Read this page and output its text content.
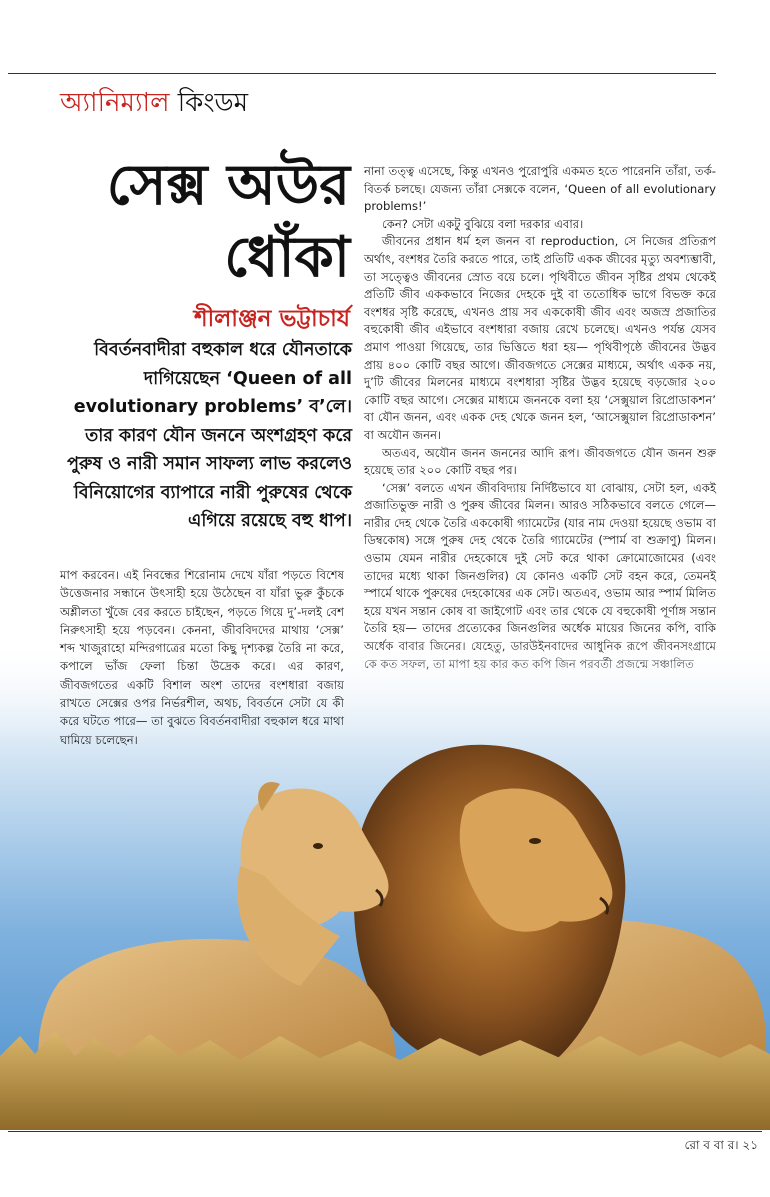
অ্যানিম্যাল কিংডম
সেক্স অউর
ধোঁকা
শীলাঞ্জন ভট্টাচার্য
বিবর্তনবাদীরা বহুকাল ধরে যৌনতাকে দাগিয়েছেন ‘Queen of all evolutionary problems’ ব’লে। তার কারণ যৌন জননে অংশগ্রহণ করে পুরুষ ও নারী সমান সাফল্য লাভ করলেও বিনিয়োগের ব্যাপারে নারী পুরুষের থেকে এগিয়ে রয়েছে বহু ধাপ।

নানা তত্ত্ব এসেছে, কিন্তু এখনও পুরোপুরি একমত হতে পারেননি তাঁরা, তর্ক-বিতর্ক চলছে। যেজন্য তাঁরা সেক্সকে বলেন, ‘Queen of all evolutionary problems!’

কেন? সেটা একটু বুঝিয়ে বলা দরকার এবার।

জীবনের প্রধান ধর্ম হল জনন বা reproduction, সে নিজের প্রতিরূপ অর্থাৎ, বংশধর তৈরি করতে পারে, তাই প্রতিটি একক জীবের মৃত্যু অবশ্যম্ভাবী, তা সত্ত্বেও জীবনের স্রোত বয়ে চলে। পৃথিবীতে জীবন সৃষ্টির প্রথম থেকেই প্রতিটি জীব এককভাবে নিজের দেহকে দুই বা ততোধিক ভাগে বিভক্ত করে বংশধর সৃষ্টি করেছে, এখনও প্রায় সব এককোষী জীব এবং অজস্র প্রজাতির বহুকোষী জীব এইভাবে বংশধারা বজায় রেখে চলেছে। এখনও পর্যন্ত যেসব প্রমাণ পাওয়া গিয়েছে, তার ভিত্তিতে ধরা হয়— পৃথিবীপৃষ্ঠে জীবনের উদ্ভব প্রায় ৪০০ কোটি বছর আগে। জীবজগতে সেক্সের মাধ্যমে, অর্থাৎ একক নয়, দু’টি জীবের মিলনের মাধ্যমে বংশধারা সৃষ্টির উদ্ভব হয়েছে বড়জোর ২০০ কোটি বছর আগে। সেক্সের মাধ্যমে জননকে বলা হয় ‘সেক্সুয়াল রিপ্রোডাকশন’ বা যৌন জনন, এবং একক দেহ থেকে জনন হল, ‘আসেক্সুয়াল রিপ্রোডাকশন’ বা অযৌন জনন।

অতএব, অযৌন জনন জননের আদি রূপ। জীবজগতে যৌন জনন শুরু হয়েছে তার ২০০ কোটি বছর পর।

‘সেক্স’ বলতে এখন জীববিদ্যায় নির্দিষ্টভাবে যা বোঝায়, সেটা হল, একই প্রজাতিভুক্ত নারী ও পুরুষ জীবের মিলন। আরও সঠিকভাবে বলতে গেলে— নারীর দেহ থেকে তৈরি এককোষী গ্যামেটের (যার নাম দেওয়া হয়েছে ওভাম বা ডিম্বকোষ) সঙ্গে পুরুষ দেহ থেকে তৈরি গ্যামেটের (স্পার্ম বা শুক্রাণু) মিলন। ওভাম যেমন নারীর দেহকোষে দুই সেট করে থাকা ক্রোমোজোমের (এবং তাদের মধ্যে থাকা জিনগুলির) যে কোনও একটি সেট বহন করে, তেমনই স্পার্মে থাকে পুরুষের দেহকোষের এক সেট। অতএব, ওভাম আর স্পার্ম মিলিত হয়ে যখন সন্তান কোষ বা জাইগোট এবং তার থেকে যে বহুকোষী পূর্ণাঙ্গ সন্তান তৈরি হয়— তাদের প্রত্যেকের জিনগুলির অর্ধেক মায়ের জিনের কপি, বাকি

মাপ করবেন। এই নিবন্ধের শিরোনাম দেখে যাঁরা পড়তে বিশেষ উত্তেজনার সন্ধানে উৎসাহী হয়ে উঠেছেন বা যাঁরা ভুরু কুঁচকে অশ্লীলতা খুঁজে বের করতে চাইছেন, পড়তে গিয়ে দু’-দলই বেশ নিরুৎসাহী হয়ে পড়বেন। কেননা, জীববিদদের মাথায় ‘সেক্স’ শব্দ খাজুরাহো মন্দিরগাত্রের মতো কিছু দৃশ্যকল্প তৈরি না করে, কপালে ভাঁজ ফেলা চিন্তা উদ্রেক করে। এর কারণ, জীবজগতের একটি বিশাল অংশ তাদের বংশধারা বজায় রাখতে সেক্সের ওপর নির্ভরশীল, অথচ, বিবর্তনে সেটা যে কী করে ঘটতে পারে— তা বুঝতে বিবর্তনবাদীরা বহুকাল ধরে মাথা ঘামিয়ে চলেছেন।

রো ব বা র। ২১
